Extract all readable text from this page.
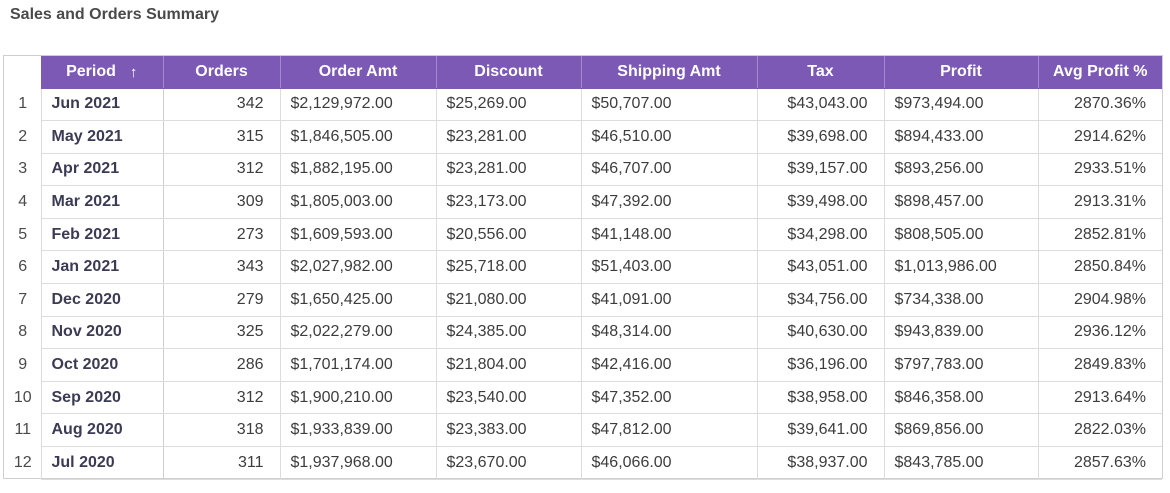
Sales and Orders Summary
	Period ↑	Orders	Order Amt	Discount	Shipping Amt	Tax	Profit	Avg Profit %
1	Jun 2021	342	$2,129,972.00	$25,269.00	$50,707.00	$43,043.00	$973,494.00	2870.36%
2	May 2021	315	$1,846,505.00	$23,281.00	$46,510.00	$39,698.00	$894,433.00	2914.62%
3	Apr 2021	312	$1,882,195.00	$23,281.00	$46,707.00	$39,157.00	$893,256.00	2933.51%
4	Mar 2021	309	$1,805,003.00	$23,173.00	$47,392.00	$39,498.00	$898,457.00	2913.31%
5	Feb 2021	273	$1,609,593.00	$20,556.00	$41,148.00	$34,298.00	$808,505.00	2852.81%
6	Jan 2021	343	$2,027,982.00	$25,718.00	$51,403.00	$43,051.00	$1,013,986.00	2850.84%
7	Dec 2020	279	$1,650,425.00	$21,080.00	$41,091.00	$34,756.00	$734,338.00	2904.98%
8	Nov 2020	325	$2,022,279.00	$24,385.00	$48,314.00	$40,630.00	$943,839.00	2936.12%
9	Oct 2020	286	$1,701,174.00	$21,804.00	$42,416.00	$36,196.00	$797,783.00	2849.83%
10	Sep 2020	312	$1,900,210.00	$23,540.00	$47,352.00	$38,958.00	$846,358.00	2913.64%
11	Aug 2020	318	$1,933,839.00	$23,383.00	$47,812.00	$39,641.00	$869,856.00	2822.03%
12	Jul 2020	311	$1,937,968.00	$23,670.00	$46,066.00	$38,937.00	$843,785.00	2857.63%
